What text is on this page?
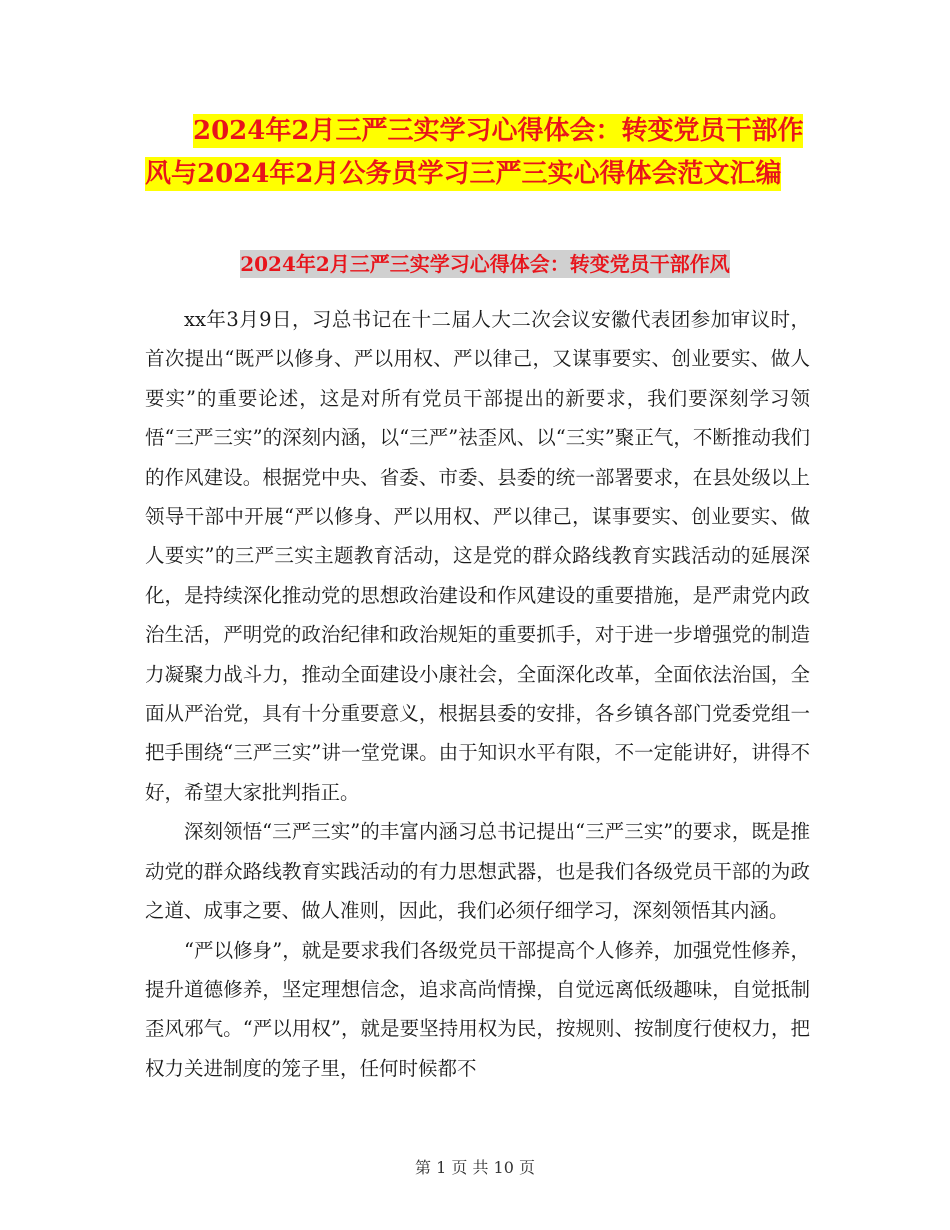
2024年2月三严三实学习心得体会：转变党员干部作
风与2024年2月公务员学习三严三实心得体会范文汇编
2024年2月三严三实学习心得体会：转变党员干部作风

xx年3月9日，习总书记在十二届人大二次会议安徽代表团参加审议时，首次提出“既严以修身、严以用权、严以律己，又谋事要实、创业要实、做人要实”的重要论述，这是对所有党员干部提出的新要求，我们要深刻学习领悟“三严三实”的深刻内涵，以“三严”祛歪风、以“三实”聚正气，不断推动我们的作风建设。根据党中央、省委、市委、县委的统一部署要求，在县处级以上领导干部中开展“严以修身、严以用权、严以律己，谋事要实、创业要实、做人要实”的三严三实主题教育活动，这是党的群众路线教育实践活动的延展深化，是持续深化推动党的思想政治建设和作风建设的重要措施，是严肃党内政治生活，严明党的政治纪律和政治规矩的重要抓手，对于进一步增强党的制造力凝聚力战斗力，推动全面建设小康社会，全面深化改革，全面依法治国，全面从严治党，具有十分重要意义，根据县委的安排，各乡镇各部门党委党组一把手围绕“三严三实”讲一堂党课。由于知识水平有限，不一定能讲好，讲得不好，希望大家批判指正。

深刻领悟“三严三实”的丰富内涵习总书记提出“三严三实”的要求，既是推动党的群众路线教育实践活动的有力思想武器，也是我们各级党员干部的为政之道、成事之要、做人准则，因此，我们必须仔细学习，深刻领悟其内涵。

“严以修身”，就是要求我们各级党员干部提高个人修养，加强党性修养，提升道德修养，坚定理想信念，追求高尚情操，自觉远离低级趣味，自觉抵制歪风邪气。“严以用权”，就是要坚持用权为民，按规则、按制度行使权力，把权力关进制度的笼子里，任何时候都不

第 1 页 共 10 页
